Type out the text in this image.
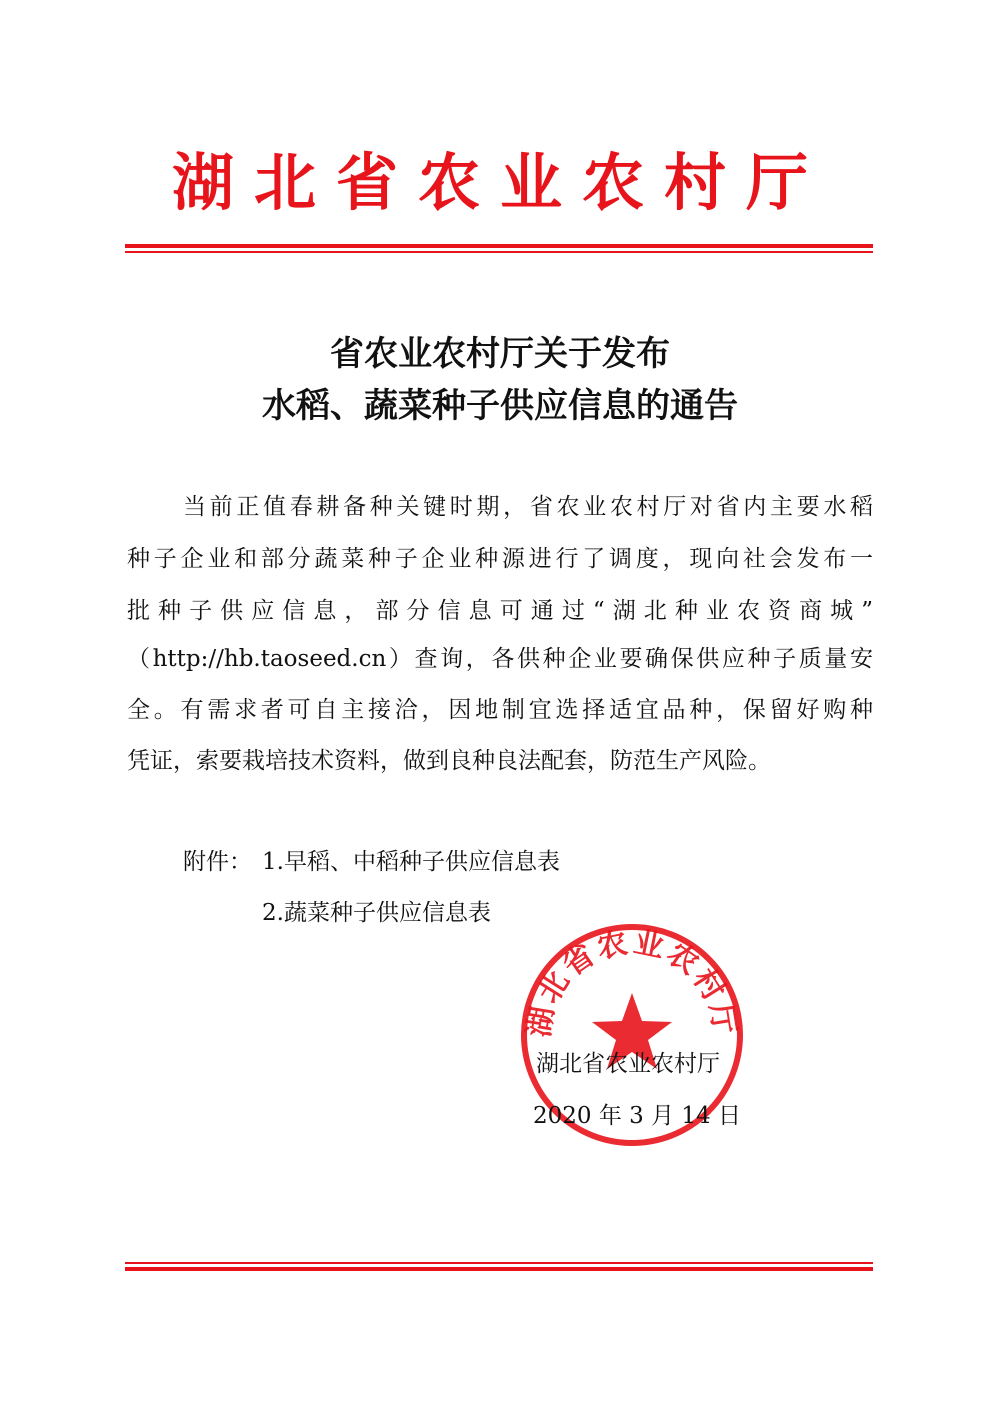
湖北省农业农村厅
省农业农村厅关于发布
水稻、蔬菜种子供应信息的通告
当前正值春耕备种关键时期，省农业农村厅对省内主要水稻
种子企业和部分蔬菜种子企业种源进行了调度，现向社会发布一
批种子供应信息，部分信息可通过“湖北种业农资商城”
（http://hb.taoseed.cn）查询，各供种企业要确保供应种子质量安
全。有需求者可自主接洽，因地制宜选择适宜品种，保留好购种
凭证，索要栽培技术资料，做到良种良法配套，防范生产风险。
附件： 1.早稻、中稻种子供应信息表
2.蔬菜种子供应信息表
湖北省农业农村厅
湖北省农业农村厅
2020 年 3 月 14 日
